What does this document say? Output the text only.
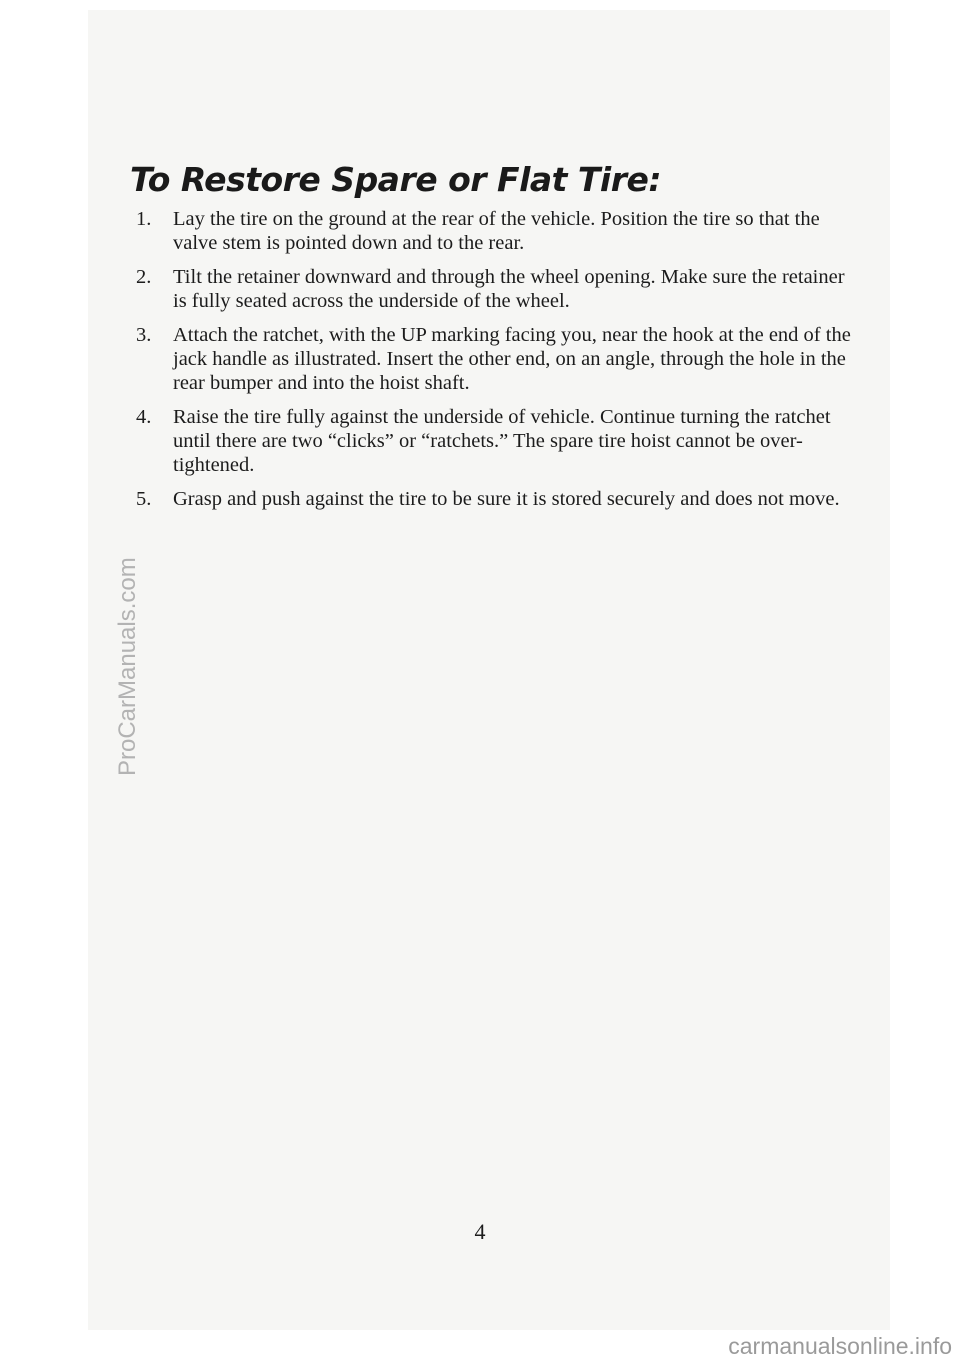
To Restore Spare or Flat Tire:
1.	Lay the tire on the ground at the rear of the vehicle. Position the tire so that the valve stem is pointed down and to the rear.
2.	Tilt the retainer downward and through the wheel opening. Make sure the retainer is fully seated across the underside of the wheel.
3.	Attach the ratchet, with the UP marking facing you, near the hook at the end of the jack handle as illustrated. Insert the other end, on an angle, through the hole in the rear bumper and into the hoist shaft.
4.	Raise the tire fully against the underside of vehicle. Continue turning the ratchet until there are two “clicks” or “ratchets.” The spare tire hoist cannot be over-tightened.
5.	Grasp and push against the tire to be sure it is stored securely and does not move.
4
ProCarManuals.com
carmanualsonline.info
